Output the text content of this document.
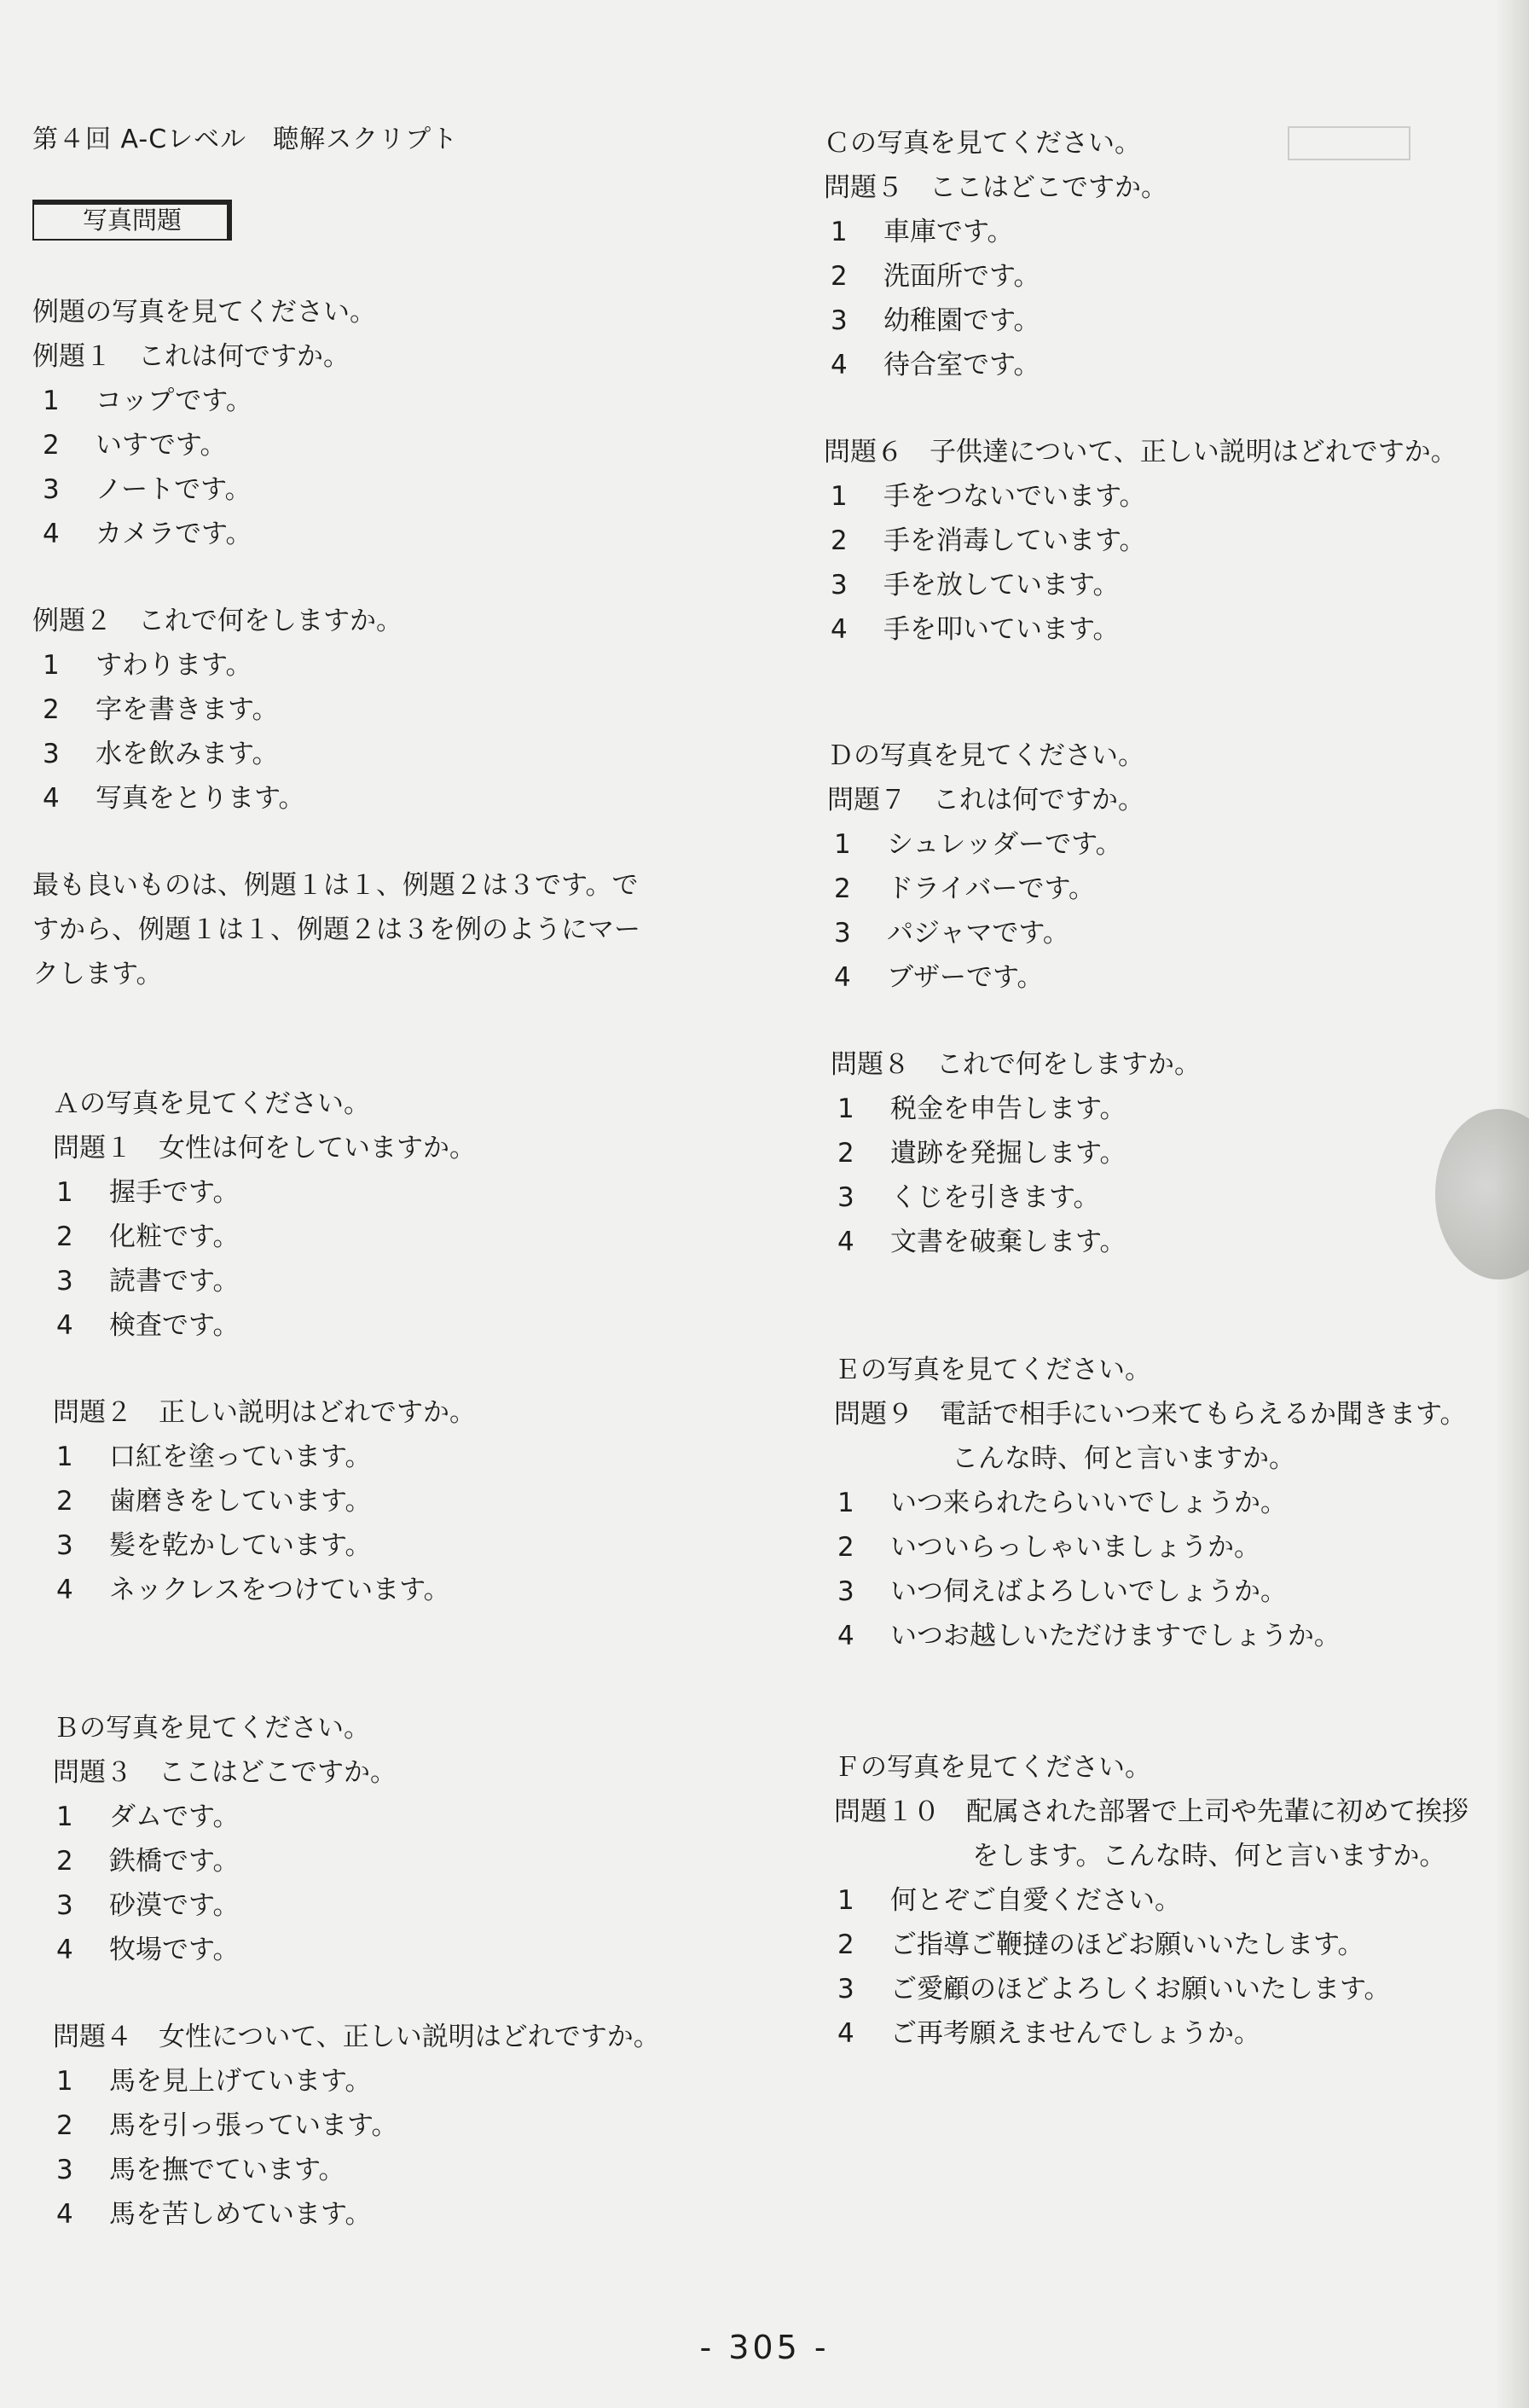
第４回 A-Cレベル　聴解スクリプト
写真問題
例題の写真を見てください。
例題１　これは何ですか。
1 コップです。
2 いすです。
3 ノートです。
4 カメラです。
例題２　これで何をしますか。
1 すわります。
2 字を書きます。
3 水を飲みます。
4 写真をとります。
最も良いものは、例題１は１、例題２は３です。で
すから、例題１は１、例題２は３を例のようにマー
クします。
Ａの写真を見てください。
問題１　女性は何をしていますか。
1 握手です。
2 化粧です。
3 読書です。
4 検査です。
問題２　正しい説明はどれですか。
1 口紅を塗っています。
2 歯磨きをしています。
3 髪を乾かしています。
4 ネックレスをつけています。
Ｂの写真を見てください。
問題３　ここはどこですか。
1 ダムです。
2 鉄橋です。
3 砂漠です。
4 牧場です。
問題４　女性について、正しい説明はどれですか。
1 馬を見上げています。
2 馬を引っ張っています。
3 馬を撫でています。
4 馬を苦しめています。
Ｃの写真を見てください。
問題５　ここはどこですか。
1 車庫です。
2 洗面所です。
3 幼稚園です。
4 待合室です。
問題６　子供達について、正しい説明はどれですか。
1 手をつないでいます。
2 手を消毒しています。
3 手を放しています。
4 手を叩いています。
Ｄの写真を見てください。
問題７　これは何ですか。
1 シュレッダーです。
2 ドライバーです。
3 パジャマです。
4 ブザーです。
問題８　これで何をしますか。
1 税金を申告します。
2 遺跡を発掘します。
3 くじを引きます。
4 文書を破棄します。
Ｅの写真を見てください。
問題９　電話で相手にいつ来てもらえるか聞きます。
こんな時、何と言いますか。
1 いつ来られたらいいでしょうか。
2 いついらっしゃいましょうか。
3 いつ伺えばよろしいでしょうか。
4 いつお越しいただけますでしょうか。
Ｆの写真を見てください。
問題１０　配属された部署で上司や先輩に初めて挨拶
をします。こんな時、何と言いますか。
1 何とぞご自愛ください。
2 ご指導ご鞭撻のほどお願いいたします。
3 ご愛顧のほどよろしくお願いいたします。
4 ご再考願えませんでしょうか。
- 305 -
